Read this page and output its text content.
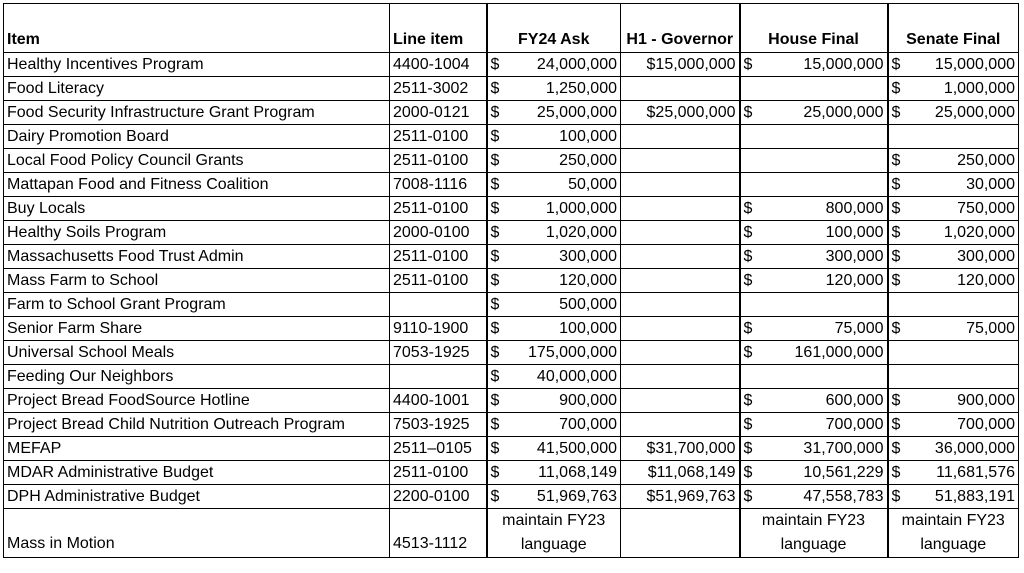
Item	Line item	FY24 Ask	H1 - Governor	House Final	Senate Final
Healthy Incentives Program	4400-1004	$ 24,000,000	$15,000,000	$ 15,000,000	$ 15,000,000

Food Literacy	2511-3002	$ 1,250,000			$ 1,000,000

Food Security Infrastructure Grant Program	2000-0121	$ 25,000,000	$25,000,000	$ 25,000,000	$ 25,000,000

Dairy Promotion Board	2511-0100	$ 100,000			

Local Food Policy Council Grants	2511-0100	$ 250,000			$ 250,000

Mattapan Food and Fitness Coalition	7008-1116	$ 50,000			$ 30,000

Buy Locals	2511-0100	$ 1,000,000		$ 800,000	$ 750,000

Healthy Soils Program	2000-0100	$ 1,020,000		$ 100,000	$ 1,020,000

Massachusetts Food Trust Admin	2511-0100	$ 300,000		$ 300,000	$ 300,000

Mass Farm to School	2511-0100	$ 120,000		$ 120,000	$ 120,000

Farm to School Grant Program		$ 500,000			

Senior Farm Share	9110-1900	$ 100,000		$ 75,000	$ 75,000

Universal School Meals	7053-1925	$ 175,000,000		$ 161,000,000	

Feeding Our Neighbors		$ 40,000,000			

Project Bread FoodSource Hotline	4400-1001	$ 900,000		$ 600,000	$ 900,000

Project Bread Child Nutrition Outreach Program	7503-1925	$ 700,000		$ 700,000	$ 700,000

MEFAP	2511–0105	$ 41,500,000	$31,700,000	$ 31,700,000	$ 36,000,000

MDAR Administrative Budget	2511-0100	$ 11,068,149	$11,068,149	$ 10,561,229	$ 11,681,576

DPH Administrative Budget	2200-0100	$ 51,969,763	$51,969,763	$ 47,558,783	$ 51,883,191

Mass in Motion	4513-1112	maintain FY23 language		maintain FY23 language	maintain FY23 language
